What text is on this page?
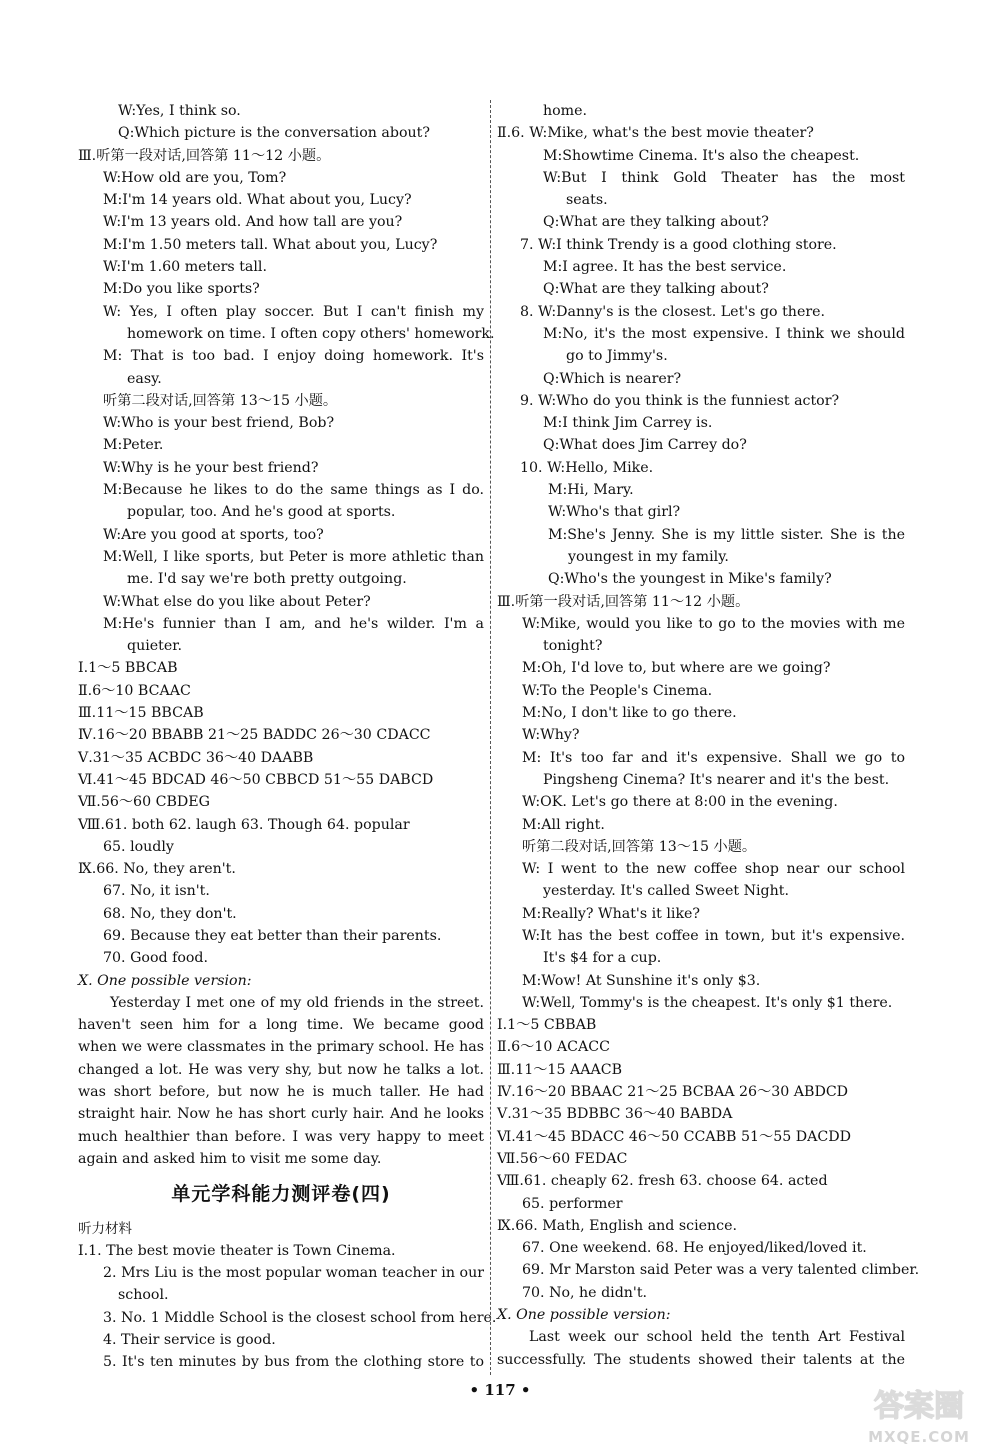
W:Yes, I think so.
Q:Which picture is the conversation about?
Ⅲ.听第一段对话,回答第 11～12 小题。
W:How old are you, Tom?
M:I'm 14 years old. What about you, Lucy?
W:I'm 13 years old. And how tall are you?
M:I'm 1.50 meters tall. What about you, Lucy?
W:I'm 1.60 meters tall.
M:Do you like sports?
W: Yes, I often play soccer. But I can't finish my
homework on time. I often copy others' homework.
M: That is too bad. I enjoy doing homework. It's
easy.
听第二段对话,回答第 13～15 小题。
W:Who is your best friend, Bob?
M:Peter.
W:Why is he your best friend?
M:Because he likes to do the same things as I do.
popular, too. And he's good at sports.
W:Are you good at sports, too?
M:Well, I like sports, but Peter is more athletic than
me. I'd say we're both pretty outgoing.
W:What else do you like about Peter?
M:He's funnier than I am, and he's wilder. I'm a
quieter.
Ⅰ.1～5 BBCAB
Ⅱ.6～10 BCAAC
Ⅲ.11～15 BBCAB
Ⅳ.16～20 BBABB 21～25 BADDC 26～30 CDACC
Ⅴ.31～35 ACBDC 36～40 DAABB
Ⅵ.41～45 BDCAD 46～50 CBBCD 51～55 DABCD
Ⅶ.56～60 CBDEG
Ⅷ.61. both 62. laugh 63. Though 64. popular
65. loudly
Ⅸ.66. No, they aren't.
67. No, it isn't.
68. No, they don't.
69. Because they eat better than their parents.
70. Good food.
Ⅹ. One possible version:
Yesterday I met one of my old friends in the street.
haven't seen him for a long time. We became good
when we were classmates in the primary school. He has
changed a lot. He was very shy, but now he talks a lot.
was short before, but now he is much taller. He had
straight hair. Now he has short curly hair. And he looks
much healthier than before. I was very happy to meet
again and asked him to visit me some day.
单元学科能力测评卷(四)
听力材料
Ⅰ.1. The best movie theater is Town Cinema.
2. Mrs Liu is the most popular woman teacher in our
school.
3. No. 1 Middle School is the closest school from here.
4. Their service is good.
5. It's ten minutes by bus from the clothing store to
home.
Ⅱ.6. W:Mike, what's the best movie theater?
M:Showtime Cinema. It's also the cheapest.
W:But I think Gold Theater has the most
seats.
Q:What are they talking about?
7. W:I think Trendy is a good clothing store.
M:I agree. It has the best service.
Q:What are they talking about?
8. W:Danny's is the closest. Let's go there.
M:No, it's the most expensive. I think we should
go to Jimmy's.
Q:Which is nearer?
9. W:Who do you think is the funniest actor?
M:I think Jim Carrey is.
Q:What does Jim Carrey do?
10. W:Hello, Mike.
M:Hi, Mary.
W:Who's that girl?
M:She's Jenny. She is my little sister. She is the
youngest in my family.
Q:Who's the youngest in Mike's family?
Ⅲ.听第一段对话,回答第 11～12 小题。
W:Mike, would you like to go to the movies with me
tonight?
M:Oh, I'd love to, but where are we going?
W:To the People's Cinema.
M:No, I don't like to go there.
W:Why?
M: It's too far and it's expensive. Shall we go to
Pingsheng Cinema? It's nearer and it's the best.
W:OK. Let's go there at 8:00 in the evening.
M:All right.
听第二段对话,回答第 13～15 小题。
W: I went to the new coffee shop near our school
yesterday. It's called Sweet Night.
M:Really? What's it like?
W:It has the best coffee in town, but it's expensive.
It's $4 for a cup.
M:Wow! At Sunshine it's only $3.
W:Well, Tommy's is the cheapest. It's only $1 there.
Ⅰ.1～5 CBBAB
Ⅱ.6～10 ACACC
Ⅲ.11～15 AAACB
Ⅳ.16～20 BBAAC 21～25 BCBAA 26～30 ABDCD
Ⅴ.31～35 BDBBC 36～40 BABDA
Ⅵ.41～45 BDACC 46～50 CCABB 51～55 DACDD
Ⅶ.56～60 FEDAC
Ⅷ.61. cheaply 62. fresh 63. choose 64. acted
65. performer
Ⅸ.66. Math, English and science.
67. One weekend. 68. He enjoyed/liked/loved it.
69. Mr Marston said Peter was a very talented climber.
70. No, he didn't.
Ⅹ. One possible version:
Last week our school held the tenth Art Festival
successfully. The students showed their talents at the
• 117 •	答案圈
MXQE.COM
